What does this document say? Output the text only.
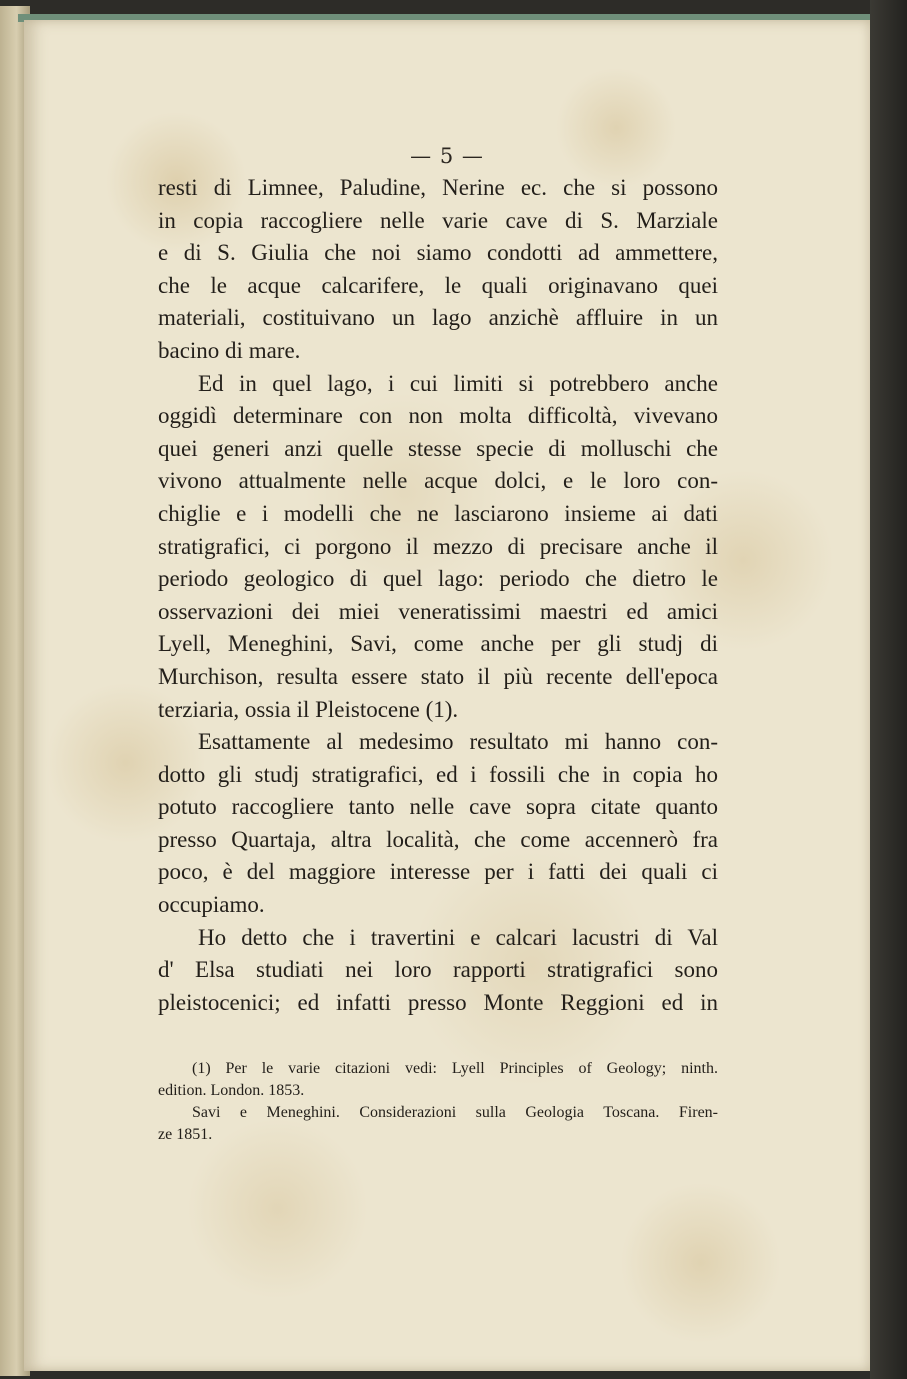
— 5 —
resti di Limnee, Paludine, Nerine ec. che si possono
in copia raccogliere nelle varie cave di S. Marziale
e di S. Giulia che noi siamo condotti ad ammettere,
che le acque calcarifere, le quali originavano quei
materiali, costituivano un lago anzichè affluire in un
bacino di mare.
Ed in quel lago, i cui limiti si potrebbero anche
oggidì determinare con non molta difficoltà, vivevano
quei generi anzi quelle stesse specie di molluschi che
vivono attualmente nelle acque dolci, e le loro con-
chiglie e i modelli che ne lasciarono insieme ai dati
stratigrafici, ci porgono il mezzo di precisare anche il
periodo geologico di quel lago: periodo che dietro le
osservazioni dei miei veneratissimi maestri ed amici
Lyell, Meneghini, Savi, come anche per gli studj di
Murchison, resulta essere stato il più recente dell'epoca
terziaria, ossia il Pleistocene (1).
Esattamente al medesimo resultato mi hanno con-
dotto gli studj stratigrafici, ed i fossili che in copia ho
potuto raccogliere tanto nelle cave sopra citate quanto
presso Quartaja, altra località, che come accennerò fra
poco, è del maggiore interesse per i fatti dei quali ci
occupiamo.
Ho detto che i travertini e calcari lacustri di Val
d' Elsa studiati nei loro rapporti stratigrafici sono
pleistocenici; ed infatti presso Monte Reggioni ed in
(1) Per le varie citazioni vedi: Lyell Principles of Geology; ninth.
edition. London. 1853.
Savi e Meneghini. Considerazioni sulla Geologia Toscana. Firen-
ze 1851.
